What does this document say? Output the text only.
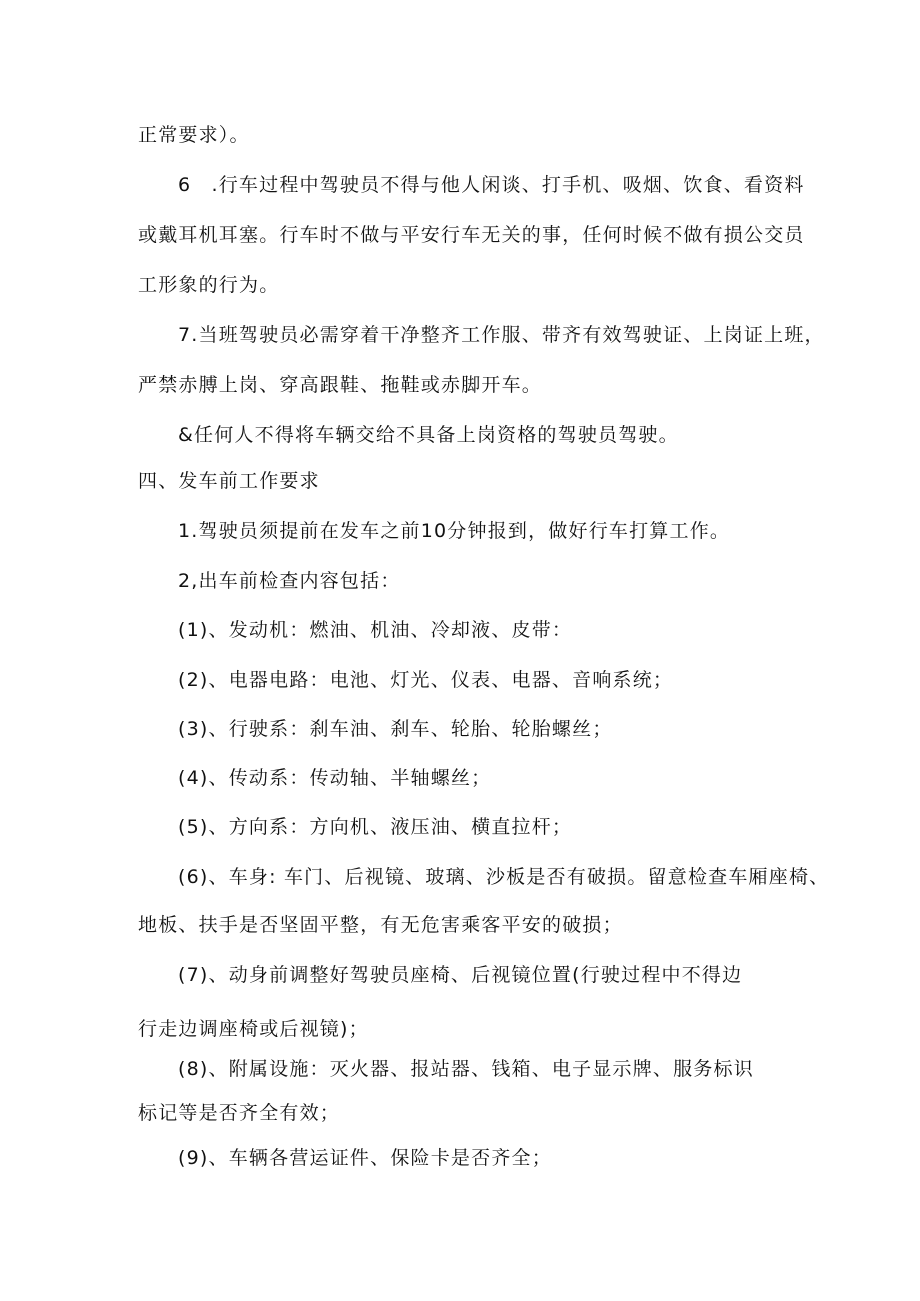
正常要求）。
6　.行车过程中驾驶员不得与他人闲谈、打手机、吸烟、饮食、看资料
或戴耳机耳塞。行车时不做与平安行车无关的事，任何时候不做有损公交员
工形象的行为。
7.当班驾驶员必需穿着干净整齐工作服、带齐有效驾驶证、上岗证上班，
严禁赤膊上岗、穿高跟鞋、拖鞋或赤脚开车。
&任何人不得将车辆交给不具备上岗资格的驾驶员驾驶。
四、发车前工作要求
1.驾驶员须提前在发车之前10分钟报到，做好行车打算工作。
2,出车前检查内容包括：
(1)、发动机：燃油、机油、冷却液、皮带：
(2)、电器电路：电池、灯光、仪表、电器、音响系统；
(3)、行驶系：刹车油、刹车、轮胎、轮胎螺丝；
(4)、传动系：传动轴、半轴螺丝；
(5)、方向系：方向机、液压油、横直拉杆；
(6)、车身: 车门、后视镜、玻璃、沙板是否有破损。留意检查车厢座椅、
地板、扶手是否坚固平整，有无危害乘客平安的破损；
(7)、动身前调整好驾驶员座椅、后视镜位置(行驶过程中不得边
行走边调座椅或后视镜)；
(8)、附属设施：灭火器、报站器、钱箱、电子显示牌、服务标识
标记等是否齐全有效；
(9)、车辆各营运证件、保险卡是否齐全；
